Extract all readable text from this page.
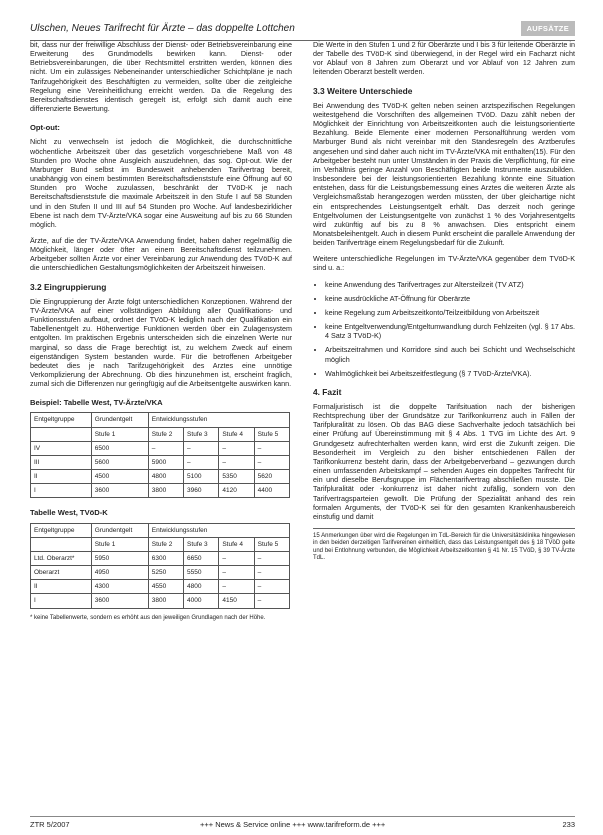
Ulschen, Neues Tarifrecht für Ärzte – das doppelte Lottchen	AUFSÄTZE

bit, dass nur der freiwillige Abschluss der Dienst- oder Betriebsvereinbarung eine Erweiterung des Grundmodells bewirken kann. Dienst- oder Betriebsvereinbarungen, die über Rechtsmittel erstritten werden, können dies nicht. Um ein zulässiges Nebeneinander unterschiedlicher Schichtpläne je nach Tarifzugehörigkeit des Beschäftigten zu vermeiden, sollte über die zeitgleiche Regelung eine Vereinheitlichung erreicht werden. Da die Regelung des Bereitschaftsdienstes identisch geregelt ist, erfolgt sich damit auch eine differenzierte Bewertung.

Opt-out:

Nicht zu verwechseln ist jedoch die Möglichkeit, die durchschnittliche wöchentliche Arbeitszeit über das gesetzlich vorgeschriebene Maß von 48 Stunden pro Woche ohne Ausgleich auszudehnen, das sog. Opt-out. Wie der Marburger Bund selbst im Bundesweit anhebenden Tarifvertrag bereit, unabhängig von einem bestimmten Bereitschaftsdienststufe eine Öffnung auf 60 Stunden pro Woche zuzulassen, beschränkt der TVöD-K je nach Bereitschaftsdienststufe die maximale Arbeitszeit in den Stufe I auf 58 Stunden und in den Stufen II und III auf 54 Stunden pro Woche. Auf landesbezirklicher Ebene ist nach dem TV-Ärzte/VKA sogar eine Ausweitung auf bis zu 66 Stunden möglich.

Ärzte, auf die der TV-Ärzte/VKA Anwendung findet, haben daher regelmäßig die Möglichkeit, länger oder öfter an einem Bereitschaftsdienst teilzunehmen. Arbeitgeber sollten Ärzte vor einer Vereinbarung zur Anwendung des TVöD-K auf die unterschiedlichen Gestaltungsmöglichkeiten der Arbeitszeit hinweisen.

3.2 Eingruppierung

Die Eingruppierung der Ärzte folgt unterschiedlichen Konzeptionen. Während der TV-Ärzte/VKA auf einer vollständigen Abbildung aller Qualifikations- und Funktionsstufen aufbaut, ordnet der TVöD-K lediglich nach der Qualifikation ein Tabellenentgelt zu. Höherwertige Funktionen werden über ein Zulagensystem entgolten. Im praktischen Ergebnis unterscheiden sich die einzelnen Werte nur marginal, so dass die Frage berechtigt ist, zu welchem Zweck auf einem eigenständigen System bestanden wurde. Für die betroffenen Arbeitgeber bedeutet dies je nach Tarifzugehörigkeit des Arztes eine unnötige Verkomplizierung der Abrechnung. Ob dies hinzunehmen ist, erscheint fraglich, zumal sich die Differenzen nur geringfügig auf die Arbeitsentgelte auswirken kann.

Beispiel: Tabelle West, TV-Ärzte/VKA
Entgeltgruppe	Grundentgelt	Entwicklungsstufen			
	Stufe 1	Stufe 2	Stufe 3	Stufe 4	Stufe 5
IV	6500	–	–	–	–
III	5600	5900	–	–	–
II	4500	4800	5100	5350	5620
I	3600	3800	3960	4120	4400
Tabelle West, TVöD-K
Entgeltgruppe	Grundentgelt	Entwicklungsstufen			
	Stufe 1	Stufe 2	Stufe 3	Stufe 4	Stufe 5
Ltd. Oberarzt*	5950	6300	6650	–	–
Oberarzt	4950	5250	5550	–	–
II	4300	4550	4800	–	–
I	3600	3800	4000	4150	–
* keine Tabellenwerte, sondern es erhöht aus den jeweiligen Grundlagen nach der Höhe.

Die Werte in den Stufen 1 und 2 für Oberärzte und I bis 3 für leitende Oberärzte in der Tabelle des TVöD-K sind überwiegend, in der Regel wird ein Facharzt nicht vor Ablauf von 8 Jahren zum Oberarzt und vor Ablauf von 12 Jahren zum leitenden Oberarzt bestellt werden.

3.3 Weitere Unterschiede

Bei Anwendung des TVöD-K gelten neben seinen arztspezifischen Regelungen weitestgehend die Vorschriften des allgemeinen TVöD. Dazu zählt neben der Möglichkeit der Einrichtung von Arbeitszeitkonten auch die leistungsorientierte Bezahlung. Beide Elemente einer modernen Personalführung werden vom Marburger Bund als nicht vereinbar mit den Standesregeln des Arztberufes angesehen und sind daher auch nicht im TV-Ärzte/VKA mit enthalten(15). Für den Arbeitgeber besteht nun unter Umständen in der Praxis die Verpflichtung, für eine im Verhältnis geringe Anzahl von Beschäftigten beide Instrumente auszubilden. Insbesondere bei der leistungsorientierten Bezahlung könnte eine Situation entstehen, dass für die Leistungsbemessung eines Arztes die weiteren Ärzte als Vergleichsmaßstab herangezogen werden müssten, der über gleichartige nicht ein entsprechendes Leistungsentgelt erhält. Das derzeit noch geringe Entgeltvolumen der Leistungsentgelte von zunächst 1 % des Vorjahresentgelts wird zukünftig auf bis zu 8 % anwachsen. Dies entspricht einem Monatsbeleihentgelt. Auch in diesem Punkt erscheint die parallele Anwendung der beiden Tarifverträge einem Regelungsbedarf für die Zukunft.

Weitere unterschiedliche Regelungen im TV-Ärzte/VKA gegenüber dem TVöD-K sind u. a.:

• keine Anwendung des Tarifvertrages zur Altersteilzeit (TV ATZ)
• keine ausdrückliche AT-Öffnung für Oberärzte
• keine Regelung zum Arbeitszeitkonto/Teilzeitbildung von Arbeitszeit
• keine Entgeltverwendung/Entgeltumwandlung durch Fehlzeiten (vgl. § 17 Abs. 4 Satz 3 TVöD-K)
• Arbeitszeitrahmen und Korridore sind auch bei Schicht und Wechselschicht möglich
• Wahlmöglichkeit bei Arbeitszeitfestlegung (§ 7 TVöD-Ärzte/VKA).
4. Fazit

Formaljuristisch ist die doppelte Tarifsituation nach der bisherigen Rechtsprechung über der Grundsätze zur Tarifkonkurrenz auch in Fällen der Tarifpluralität zu lösen. Ob das BAG diese Sachverhalte jedoch tatsächlich bei einer Prüfung auf Übereinstimmung mit § 4 Abs. 1 TVG im Lichte des Art. 9 Grundgesetz aufrechterhalten werden kann, wird erst die Zukunft zeigen. Die Besonderheit im Vergleich zu den bisher entschiedenen Fällen der Tarifkonkurrenz besteht darin, dass der Arbeitgeberverband – gezwungen durch einen umfassenden Arbeitskampf – sehenden Auges ein doppeltes Tarifrecht für ein und dieselbe Berufsgruppe im Flächentarifvertrag abschließen musste. Die Tarifpluralität oder -konkurrenz ist daher nicht zufällig, sondern von den Tarifvertragsparteien gewollt. Die Prüfung der Spezialität anhand des rein formalen Arguments, der TVöD-K sei für den gesamten Krankenhausbereich einstufig und damit

15 Anmerkungen über wird die Regelungen im TdL-Bereich für die Universitätsklinika hingewiesen in den beiden derzeitigen Tarifvereinen einheitlich, dass das Leistungsentgelt des § 18 TVöD gelte und bei Entlohnung verbunden, die Möglichkeit Arbeitszeitkonten § 41 Nr. 15 TVöD, § 39 TV-Ärzte TdL.
ZTR 5/2007	+++ News & Service online +++ www.tarifreform.de +++	233
